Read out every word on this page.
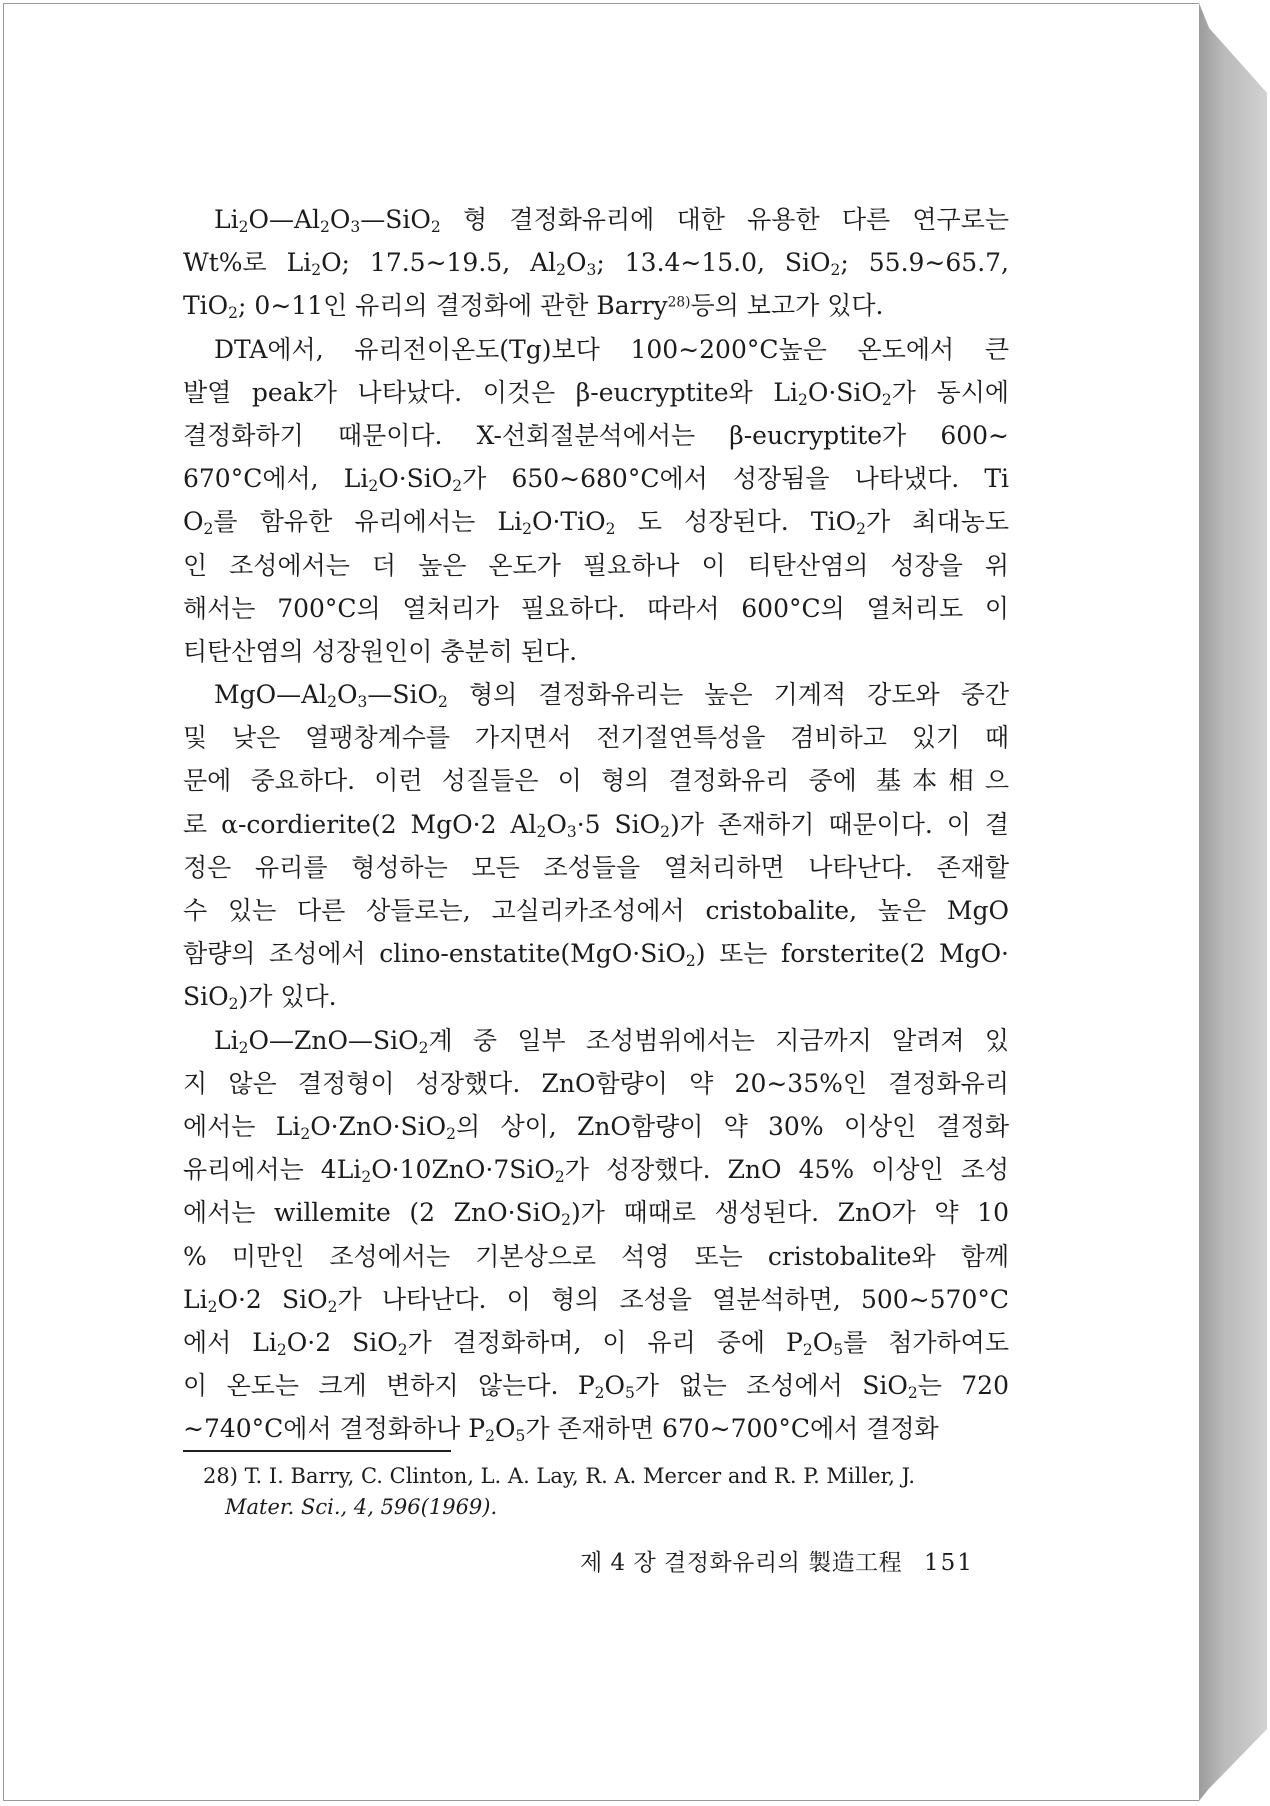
$Li_2O—Al_2O_3—SiO_2$ 형 결정화유리에 대한 유용한 다른 연구로는
Wt%로 $Li_2O$; 17.5∼19.5, $Al_2O_3$; 13.4∼15.0, SiO$_2$; 55.9∼65.7,
TiO$_2$; 0∼11인 유리의 결정화에 관한 Barry$^{28)}$등의 보고가 있다.
DTA에서, 유리전이온도(Tg)보다 100∼200°C높은 온도에서 큰
발열 peak가 나타났다. 이것은 β-eucryptite와 $Li_2O\cdot SiO_2$가 동시에
결정화하기 때문이다. X-선회절분석에서는 β-eucryptite가 600∼
670°C에서, $Li_2O\cdot SiO_2$가 650∼680°C에서 성장됨을 나타냈다. Ti
$O_2$를 함유한 유리에서는 $Li_2O\cdot TiO_2$ 도 성장된다. TiO$_2$가 최대농도
인 조성에서는 더 높은 온도가 필요하나 이 티탄산염의 성장을 위
해서는 700°C의 열처리가 필요하다. 따라서 600°C의 열처리도 이
티탄산염의 성장원인이 충분히 된다.
$MgO—Al_2O_3—SiO_2$ 형의 결정화유리는 높은 기계적 강도와 중간
및 낮은 열팽창계수를 가지면서 전기절연특성을 겸비하고 있기 때
문에 중요하다. 이런 성질들은 이 형의 결정화유리 중에 基本相으
로 α-cordierite(2 MgO·2 $Al_2O_3\cdot 5$ SiO$_2$)가 존재하기 때문이다. 이 결
정은 유리를 형성하는 모든 조성들을 열처리하면 나타난다. 존재할
수 있는 다른 상들로는, 고실리카조성에서 cristobalite, 높은 MgO
함량의 조성에서 clino-enstatite(MgO·SiO$_2$) 또는 forsterite(2 MgO·
SiO$_2$)가 있다.
$Li_2O—ZnO—SiO_2$계 중 일부 조성범위에서는 지금까지 알려져 있
지 않은 결정형이 성장했다. ZnO함량이 약 20∼35%인 결정화유리
에서는 $Li_2O\cdot ZnO\cdot SiO_2$의 상이, ZnO함량이 약 30% 이상인 결정화
유리에서는 $4Li_2O\cdot 10ZnO\cdot 7SiO_2$가 성장했다. ZnO 45% 이상인 조성
에서는 willemite (2 ZnO·SiO$_2$)가 때때로 생성된다. ZnO가 약 10
% 미만인 조성에서는 기본상으로 석영 또는 cristobalite와 함께
$Li_2O\cdot 2$ SiO$_2$가 나타난다. 이 형의 조성을 열분석하면, 500∼570°C
에서 $Li_2O\cdot 2$ SiO$_2$가 결정화하며, 이 유리 중에 $P_2O_5$를 첨가하여도
이 온도는 크게 변하지 않는다. $P_2O_5$가 없는 조성에서 SiO$_2$는 720
∼740°C에서 결정화하나 $P_2O_5$가 존재하면 670∼700°C에서 결정화
28) T. I. Barry, C. Clinton, L. A. Lay, R. A. Mercer and R. P. Miller, J.
Mater. Sci., 4, 596(1969).
제 4 장 결정화유리의 製造工程 151
